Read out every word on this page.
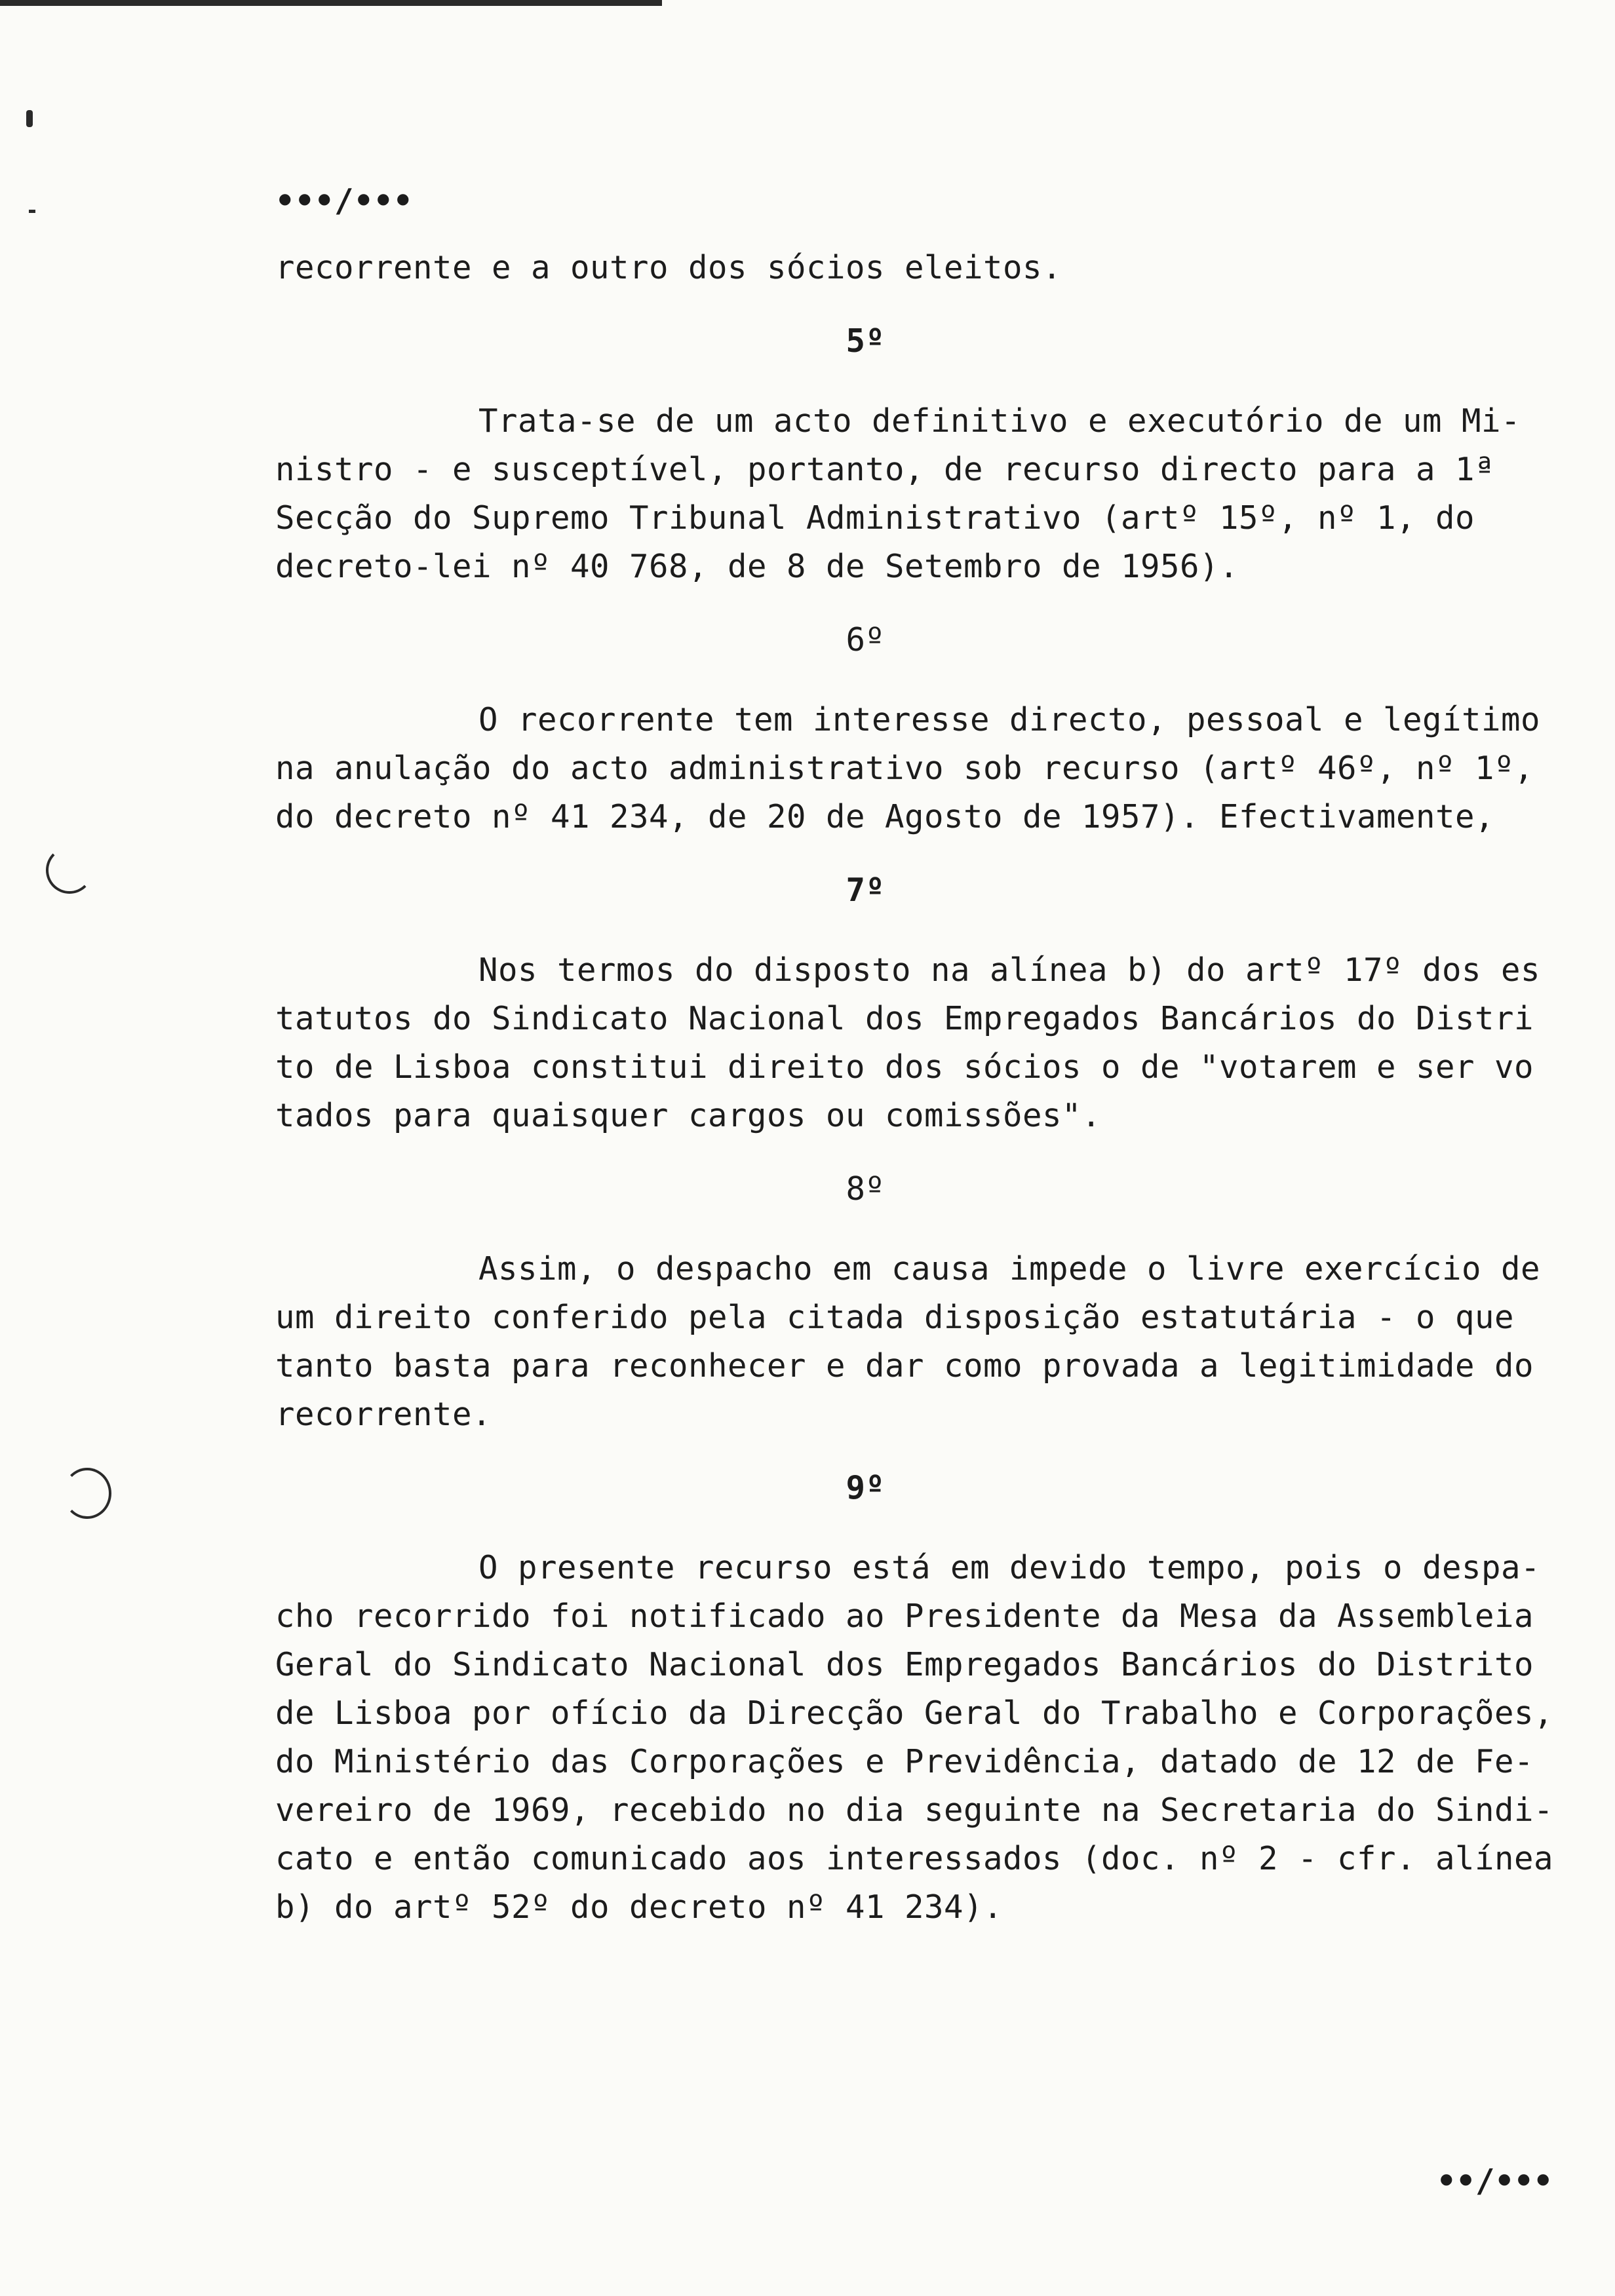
•••/•••
recorrente e a outro dos sócios eleitos.
5º
Trata-se de um acto definitivo e executório de um Mi-
nistro - e susceptível, portanto, de recurso directo para a 1ª
Secção do Supremo Tribunal Administrativo (artº 15º, nº 1, do
decreto-lei nº 40 768, de 8 de Setembro de 1956).
6º
O recorrente tem interesse directo, pessoal e legítimo
na anulação do acto administrativo sob recurso (artº 46º, nº 1º,
do decreto nº 41 234, de 20 de Agosto de 1957). Efectivamente,
7º
Nos termos do disposto na alínea b) do artº 17º dos es
tatutos do Sindicato Nacional dos Empregados Bancários do Distri
to de Lisboa constitui direito dos sócios o de "votarem e ser vo
tados para quaisquer cargos ou comissões".
8º
Assim, o despacho em causa impede o livre exercício de
um direito conferido pela citada disposição estatutária - o que
tanto basta para reconhecer e dar como provada a legitimidade do
recorrente.
9º
O presente recurso está em devido tempo, pois o despa-
cho recorrido foi notificado ao Presidente da Mesa da Assembleia
Geral do Sindicato Nacional dos Empregados Bancários do Distrito
de Lisboa por ofício da Direcção Geral do Trabalho e Corporações,
do Ministério das Corporações e Previdência, datado de 12 de Fe-
vereiro de 1969, recebido no dia seguinte na Secretaria do Sindi-
cato e então comunicado aos interessados (doc. nº 2 - cfr. alínea
b) do artº 52º do decreto nº 41 234).
••/•••
